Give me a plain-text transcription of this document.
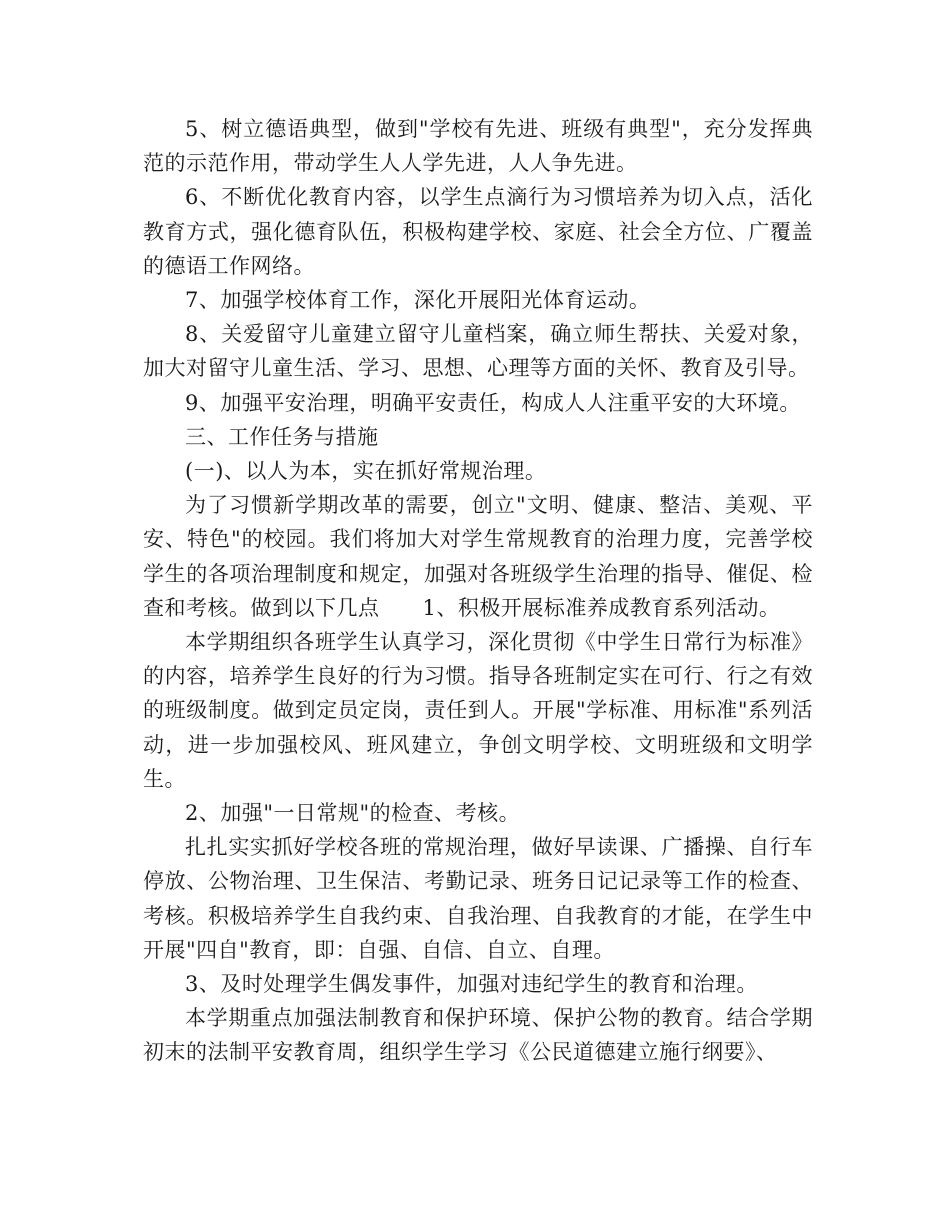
5、树立德语典型，做到"学校有先进、班级有典型"，充分发挥典范的示范作用，带动学生人人学先进，人人争先进。

6、不断优化教育内容，以学生点滴行为习惯培养为切入点，活化教育方式，强化德育队伍，积极构建学校、家庭、社会全方位、广覆盖的德语工作网络。

7、加强学校体育工作，深化开展阳光体育运动。

8、关爱留守儿童建立留守儿童档案，确立师生帮扶、关爱对象，加大对留守儿童生活、学习、思想、心理等方面的关怀、教育及引导。

9、加强平安治理，明确平安责任，构成人人注重平安的大环境。

三、工作任务与措施

(一)、以人为本，实在抓好常规治理。

为了习惯新学期改革的需要，创立"文明、健康、整洁、美观、平安、特色"的校园。我们将加大对学生常规教育的治理力度，完善学校学生的各项治理制度和规定，加强对各班级学生治理的指导、催促、检查和考核。做到以下几点　　1、积极开展标准养成教育系列活动。

本学期组织各班学生认真学习，深化贯彻《中学生日常行为标准》的内容，培养学生良好的行为习惯。指导各班制定实在可行、行之有效的班级制度。做到定员定岗，责任到人。开展"学标准、用标准"系列活动，进一步加强校风、班风建立，争创文明学校、文明班级和文明学生。

2、加强"一日常规"的检查、考核。

扎扎实实抓好学校各班的常规治理，做好早读课、广播操、自行车停放、公物治理、卫生保洁、考勤记录、班务日记记录等工作的检查、考核。积极培养学生自我约束、自我治理、自我教育的才能，在学生中开展"四自"教育，即：自强、自信、自立、自理。

3、及时处理学生偶发事件，加强对违纪学生的教育和治理。

本学期重点加强法制教育和保护环境、保护公物的教育。结合学期初末的法制平安教育周，组织学生学习《公民道德建立施行纲要》、
